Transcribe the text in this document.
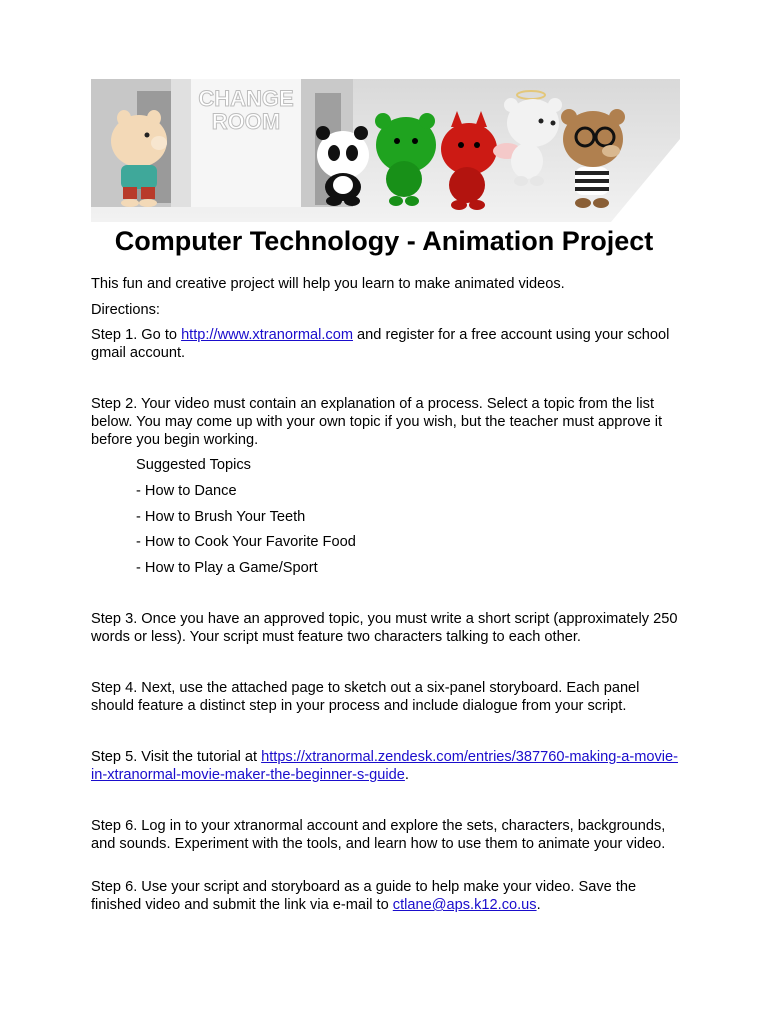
CHANGE
ROOM
Computer Technology - Animation Project

This fun and creative project will help you learn to make animated videos.

Directions:

Step 1. Go to http://www.xtranormal.com and register for a free account using your school gmail account.

Step 2. Your video must contain an explanation of a process. Select a topic from the list below. You may come up with your own topic if you wish, but the teacher must approve it before you begin working.

Suggested Topics

- How to Dance

- How to Brush Your Teeth

- How to Cook Your Favorite Food

- How to Play a Game/Sport

Step 3. Once you have an approved topic, you must write a short script (approximately 250 words or less). Your script must feature two characters talking to each other.

Step 4. Next, use the attached page to sketch out a six-panel storyboard. Each panel should feature a distinct step in your process and include dialogue from your script.

Step 5. Visit the tutorial at https://xtranormal.zendesk.com/entries/387760-making-a-movie-in-xtranormal-movie-maker-the-beginner-s-guide.

Step 6. Log in to your xtranormal account and explore the sets, characters, backgrounds, and sounds. Experiment with the tools, and learn how to use them to animate your video.

Step 6. Use your script and storyboard as a guide to help make your video. Save the finished video and submit the link via e-mail to ctlane@aps.k12.co.us.
